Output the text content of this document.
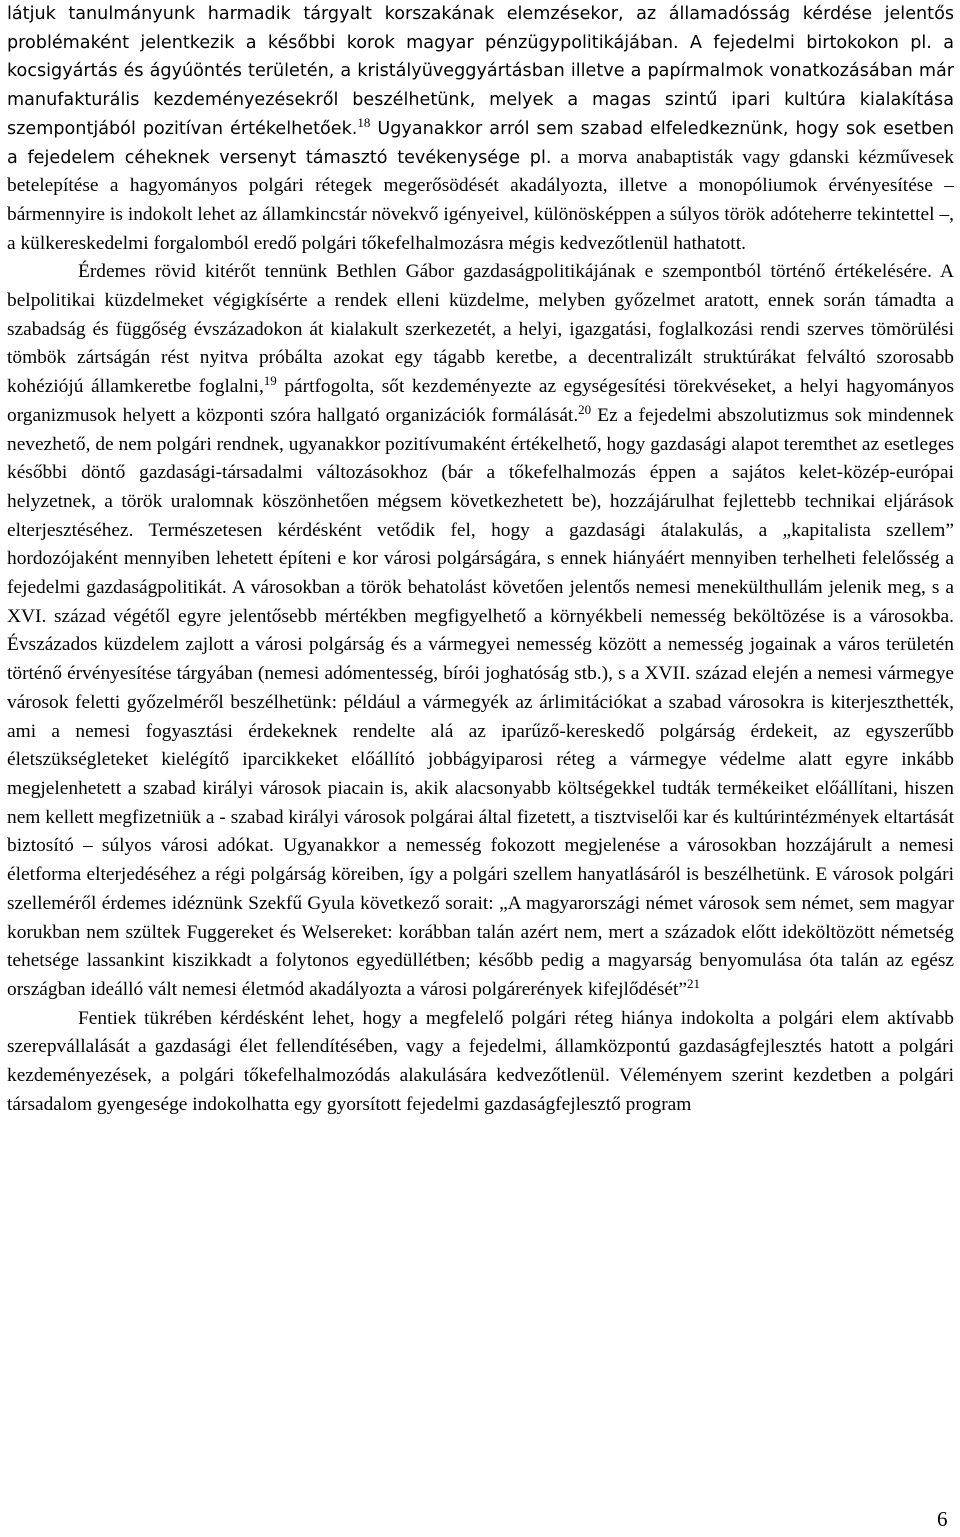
látjuk tanulmányunk harmadik tárgyalt korszakának elemzésekor, az államadósság kérdése jelentős problémaként jelentkezik a későbbi korok magyar pénzügypolitikájában. A fejedelmi birtokokon pl. a kocsigyártás és ágyúöntés területén, a kristályüveggyártásban illetve a papírmalmok vonatkozásában már manufakturális kezdeményezésekről beszélhetünk, melyek a magas szintű ipari kultúra kialakítása szempontjából pozitívan értékelhetőek.$^{18}$ Ugyanakkor arról sem szabad elfeledkeznünk, hogy sok esetben a fejedelem céheknek versenyt támasztó tevékenysége pl. a morva anabaptisták vagy gdanski kézművesek betelepítése a hagyományos polgári rétegek megerősödését akadályozta, illetve a monopóliumok érvényesítése – bármennyire is indokolt lehet az államkincstár növekvő igényeivel, különösképpen a súlyos török adóteherre tekintettel –, a külkereskedelmi forgalomból eredő polgári tőkefelhalmozásra mégis kedvezőtlenül hathatott.

Érdemes rövid kitérőt tennünk Bethlen Gábor gazdaságpolitikájának e szempontból történő értékelésére. A belpolitikai küzdelmeket végigkísérte a rendek elleni küzdelme, melyben győzelmet aratott, ennek során támadta a szabadság és függőség évszázadokon át kialakult szerkezetét, a helyi, igazgatási, foglalkozási rendi szerves tömörülési tömbök zártságán rést nyitva próbálta azokat egy tágabb keretbe, a decentralizált struktúrákat felváltó szorosabb kohéziójú államkeretbe foglalni,$^{19}$ pártfogolta, sőt kezdeményezte az egységesítési törekvéseket, a helyi hagyományos organizmusok helyett a központi szóra hallgató organizációk formálását.$^{20}$ Ez a fejedelmi abszolutizmus sok mindennek nevezhető, de nem polgári rendnek, ugyanakkor pozitívumaként értékelhető, hogy gazdasági alapot teremthet az esetleges későbbi döntő gazdasági-társadalmi változásokhoz (bár a tőkefelhalmozás éppen a sajátos kelet-közép-európai helyzetnek, a török uralomnak köszönhetően mégsem következhetett be), hozzájárulhat fejlettebb technikai eljárások elterjesztéséhez. Természetesen kérdésként vetődik fel, hogy a gazdasági átalakulás, a „kapitalista szellem” hordozójaként mennyiben lehetett építeni e kor városi polgárságára, s ennek hiányáért mennyiben terhelheti felelősség a fejedelmi gazdaságpolitikát. A városokban a török behatolást követően jelentős nemesi menekülthullám jelenik meg, s a XVI. század végétől egyre jelentősebb mértékben megfigyelhető a környékbeli nemesség beköltözése is a városokba. Évszázados küzdelem zajlott a városi polgárság és a vármegyei nemesség között a nemesség jogainak a város területén történő érvényesítése tárgyában (nemesi adómentesség, bírói joghatóság stb.), s a XVII. század elején a nemesi vármegye városok feletti győzelméről beszélhetünk: például a vármegyék az árlimitációkat a szabad városokra is kiterjeszthették, ami a nemesi fogyasztási érdekeknek rendelte alá az iparűző-kereskedő polgárság érdekeit, az egyszerűbb életszükségleteket kielégítő iparcikkeket előállító jobbágyiparosi réteg a vármegye védelme alatt egyre inkább megjelenhetett a szabad királyi városok piacain is, akik alacsonyabb költségekkel tudták termékeiket előállítani, hiszen nem kellett megfizetniük a - szabad királyi városok polgárai által fizetett, a tisztviselői kar és kultúrintézmények eltartását biztosító – súlyos városi adókat. Ugyanakkor a nemesség fokozott megjelenése a városokban hozzájárult a nemesi életforma elterjedéséhez a régi polgárság köreiben, így a polgári szellem hanyatlásáról is beszélhetünk. E városok polgári szelleméről érdemes idéznünk Szekfű Gyula következő sorait: „A magyarországi német városok sem német, sem magyar korukban nem szültek Fuggereket és Welsereket: korábban talán azért nem, mert a századok előtt ideköltözött németség tehetsége lassankint kiszikkadt a folytonos egyedüllétben; később pedig a magyarság benyomulása óta talán az egész országban ideálló vált nemesi életmód akadályozta a városi polgárerények kifejlődését”$^{21}$

Fentiek tükrében kérdésként lehet, hogy a megfelelő polgári réteg hiánya indokolta a polgári elem aktívabb szerepvállalását a gazdasági élet fellendítésében, vagy a fejedelmi, államközpontú gazdaságfejlesztés hatott a polgári kezdeményezések, a polgári tőkefelhalmozódás alakulására kedvezőtlenül. Véleményem szerint kezdetben a polgári társadalom gyengesége indokolhatta egy gyorsított fejedelmi gazdaságfejlesztő program

6
